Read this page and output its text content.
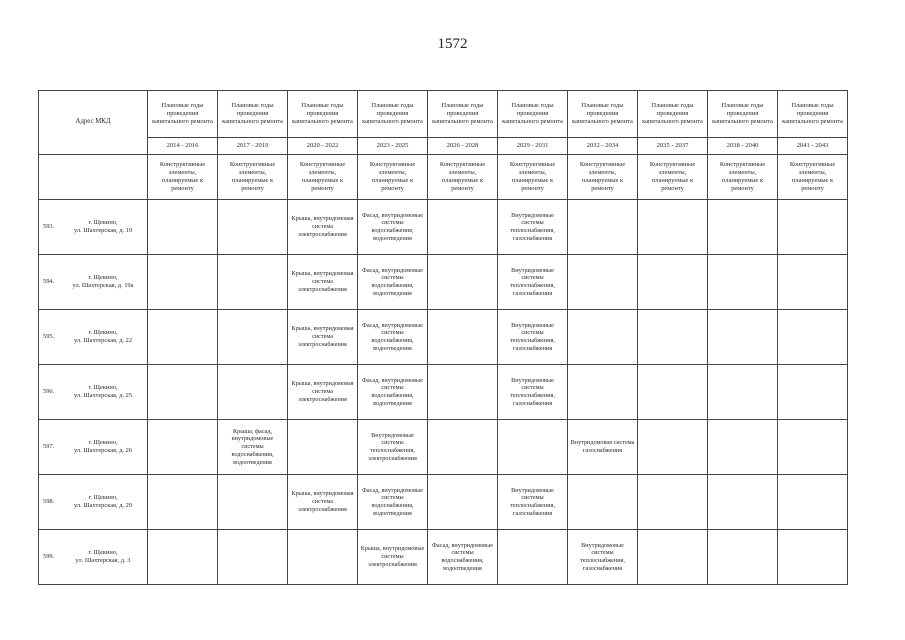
1572
Адрес МКД	Плановые годы проведения капитального ремонта	Плановые годы проведения капитального ремонта	Плановые годы проведения капитального ремонта	Плановые годы проведения капитального ремонта	Плановые годы проведения капитального ремонта	Плановые годы проведения капитального ремонта	Плановые годы проведения капитального ремонта	Плановые годы проведения капитального ремонта	Плановые годы проведения капитального ремонта	Плановые годы проведения капитального ремонта
	2014 - 2016	2017 - 2019	2020 - 2022	2023 - 2025	2026 - 2028	2029 - 2031	2032 - 2034	2035 - 2037	2038 - 2040	2041 - 2043
	Конструктивные элементы, планируемые к ремонту	Конструктивные элементы, планируемые к ремонту	Конструктивные элементы, планируемые к ремонту	Конструктивные элементы, планируемые к ремонту	Конструктивные элементы, планируемые к ремонту	Конструктивные элементы, планируемые к ремонту	Конструктивные элементы, планируемые к ремонту	Конструктивные элементы, планируемые к ремонту	Конструктивные элементы, планируемые к ремонту	Конструктивные элементы, планируемые к ремонту

593.
г. Щекино,
ул. Шахтерская, д. 19			Крыша, внутридомовая система электроснабжения	Фасад, внутридомовые системы водоснабжения, водоотведения		Внутридомовые системы теплоснабжения, газоснабжения				

594.
г. Щекино,
ул. Шахтерская, д. 19а			Крыша, внутридомовая система электроснабжения	Фасад, внутридомовые системы водоснабжения, водоотведения		Внутридомовые системы теплоснабжения, газоснабжения				

595.
г. Щекино,
ул. Шахтерская, д. 22			Крыша, внутридомовая система электроснабжения	Фасад, внутридомовые системы водоснабжения, водоотведения		Внутридомовые системы теплоснабжения, газоснабжения				

596.
г. Щекино,
ул. Шахтерская, д. 25			Крыша, внутридомовая система электроснабжения	Фасад, внутридомовые системы водоснабжения, водоотведения		Внутридомовые системы теплоснабжения, газоснабжения				

597.
г. Щекино,
ул. Шахтерская, д. 26		Крыша, фасад, внутридомовые системы водоснабжения, водоотведения		Внутридомовые системы теплоснабжения, электроснабжения			Внутридомовая система газоснабжения			

598.
г. Щекино,
ул. Шахтерская, д. 29			Крыша, внутридомовая система электроснабжения	Фасад, внутридомовые системы водоснабжения, водоотведения		Внутридомовые системы теплоснабжения, газоснабжения				

599.
г. Щекино,
ул. Шахтерская, д. 3				Крыша, внутридомовые системы электроснабжения	Фасад, внутридомовые системы водоснабжения, водоотведения		Внутридомовые системы теплоснабжения, газоснабжения			
